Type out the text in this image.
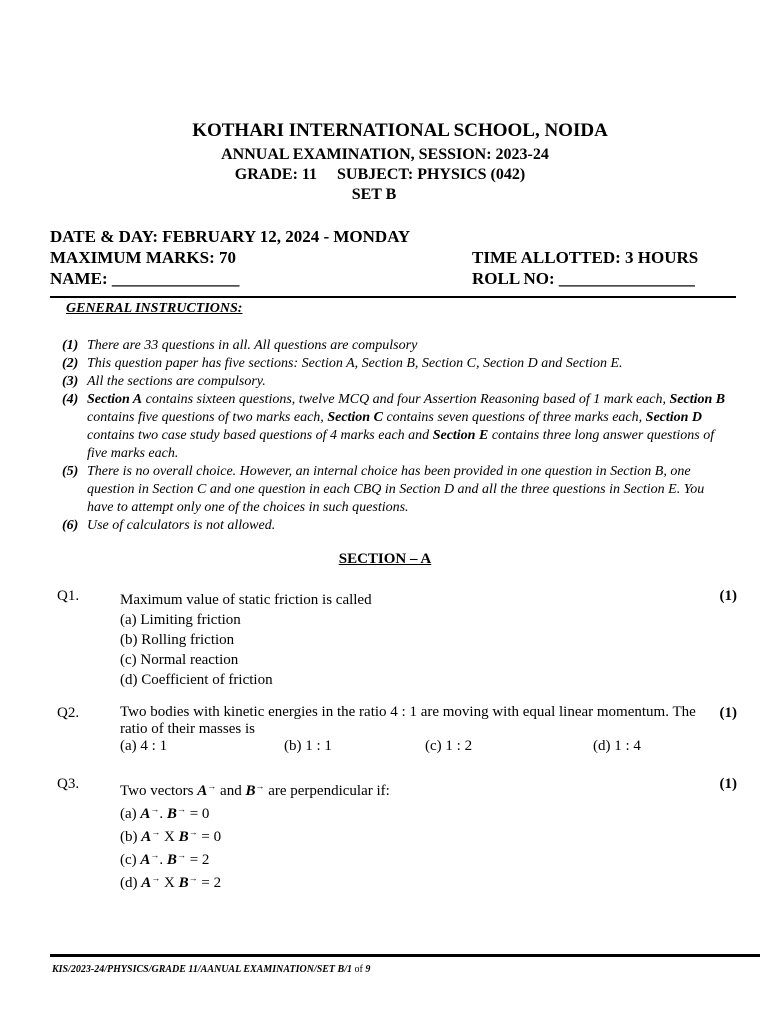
KOTHARI INTERNATIONAL SCHOOL, NOIDA
ANNUAL EXAMINATION, SESSION: 2023-24
GRADE: 11     SUBJECT: PHYSICS (042)
SET B
DATE & DAY: FEBRUARY 12, 2024 - MONDAY
MAXIMUM MARKS: 70
NAME: _______________
TIME ALLOTTED: 3 HOURS
ROLL NO: ________________
GENERAL INSTRUCTIONS:
(1) There are 33 questions in all. All questions are compulsory
(2) This question paper has five sections: Section A, Section B, Section C, Section D and Section E.
(3) All the sections are compulsory.
(4) Section A contains sixteen questions, twelve MCQ and four Assertion Reasoning based of 1 mark each, Section B contains five questions of two marks each, Section C contains seven questions of three marks each, Section D contains two case study based questions of 4 marks each and Section E contains three long answer questions of five marks each.
(5) There is no overall choice. However, an internal choice has been provided in one question in Section B, one question in Section C and one question in each CBQ in Section D and all the three questions in Section E. You have to attempt only one of the choices in such questions.
(6) Use of calculators is not allowed.
SECTION – A
Q1.	Maximum value of static friction is called
(a) Limiting friction
(b) Rolling friction
(c) Normal reaction
(d) Coefficient of friction
(1)
Q2.	Two bodies with kinetic energies in the ratio 4 : 1 are moving with equal linear momentum. The ratio of their masses is
(a) 4 : 1	(b) 1 : 1	(c) 1 : 2	(d) 1 : 4
(1)
Q3.	Two vectors A→ and B→ are perpendicular if:
(a) A→. B→ = 0
(b) A→ X B→ = 0
(c) A→. B→ = 2
(d) A→ X B→ = 2
(1)
KIS/2023-24/PHYSICS/GRADE 11/AANUAL EXAMINATION/SET B/1 of 9
